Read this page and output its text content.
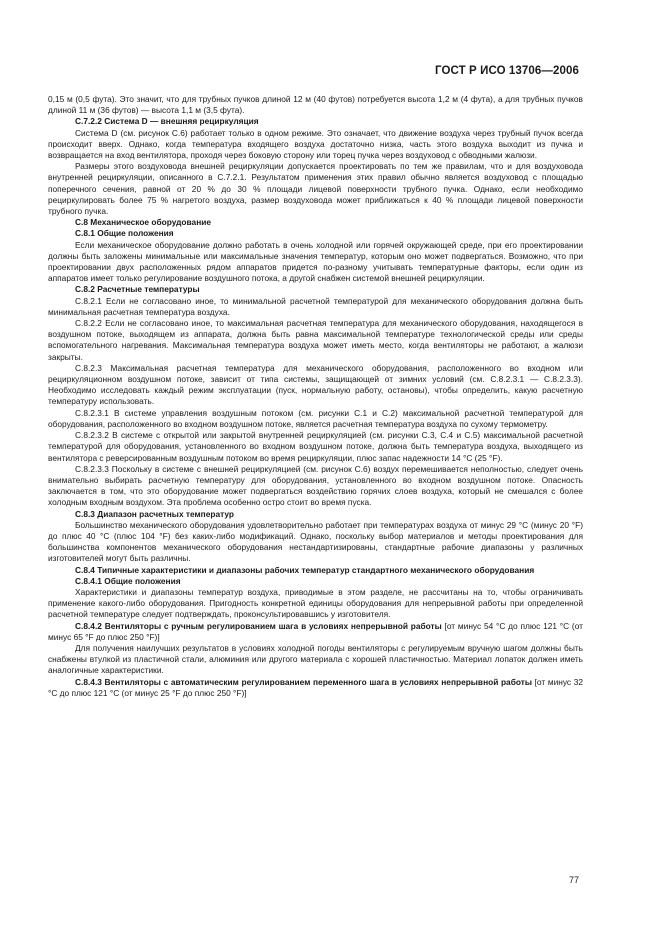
ГОСТ Р ИСО 13706—2006

0,15 м (0,5 фута). Это значит, что для трубных пучков длиной 12 м (40 футов) потребуется высота 1,2 м (4 фута), а для трубных пучков длиной 11 м (36 футов) — высота 1,1 м (3,5 фута).

С.7.2.2 Система D — внешняя рециркуляция

Система D (см. рисунок С.6) работает только в одном режиме. Это означает, что движение воздуха через трубный пучок всегда происходит вверх. Однако, когда температура входящего воздуха достаточно низка, часть этого воздуха выходит из пучка и возвращается на вход вентилятора, проходя через боковую сторону или торец пучка через воздуховод с обводными жалюзи.

Размеры этого воздуховода внешней рециркуляции допускается проектировать по тем же правилам, что и для воздуховода внутренней рециркуляции, описанного в С.7.2.1. Результатом применения этих правил обычно является воздуховод с площадью поперечного сечения, равной от 20 % до 30 % площади лицевой поверхности трубного пучка. Однако, если необходимо рециркулировать более 75 % нагретого воздуха, размер воздуховода может приближаться к 40 % площади лицевой поверхности трубного пучка.

С.8 Механическое оборудование

С.8.1 Общие положения

Если механическое оборудование должно работать в очень холодной или горячей окружающей среде, при его проектировании должны быть заложены минимальные или максимальные значения температур, которым оно может подвергаться. Возможно, что при проектировании двух расположенных рядом аппаратов придется по-разному учитывать температурные факторы, если один из аппаратов имеет только регулирование воздушного потока, а другой снабжен системой внешней рециркуляции.

С.8.2 Расчетные температуры

С.8.2.1 Если не согласовано иное, то минимальной расчетной температурой для механического оборудования должна быть минимальная расчетная температура воздуха.

С.8.2.2 Если не согласовано иное, то максимальная расчетная температура для механического оборудования, находящегося в воздушном потоке, выходящем из аппарата, должна быть равна максимальной температуре технологической среды или среды вспомогательного нагревания. Максимальная температура воздуха может иметь место, когда вентиляторы не работают, а жалюзи закрыты.

С.8.2.3 Максимальная расчетная температура для механического оборудования, расположенного во входном или рециркуляционном воздушном потоке, зависит от типа системы, защищающей от зимних условий (см. С.8.2.3.1 — С.8.2.3.3). Необходимо исследовать каждый режим эксплуатации (пуск, нормальную работу, остановы), чтобы определить, какую расчетную температуру использовать.

С.8.2.3.1 В системе управления воздушным потоком (см. рисунки С.1 и С.2) максимальной расчетной температурой для оборудования, расположенного во входном воздушном потоке, является расчетная температура воздуха по сухому термометру.

С.8.2.3.2 В системе с открытой или закрытой внутренней рециркуляцией (см. рисунки С.3, С.4 и С.5) максимальной расчетной температурой для оборудования, установленного во входном воздушном потоке, должна быть температура воздуха, выходящего из вентилятора с реверсированным воздушным потоком во время рециркуляции, плюс запас надежности 14 °С (25 °F).

С.8.2.3.3 Поскольку в системе с внешней рециркуляцией (см. рисунок С.6) воздух перемешивается неполностью, следует очень внимательно выбирать расчетную температуру для оборудования, установленного во входном воздушном потоке. Опасность заключается в том, что это оборудование может подвергаться воздействию горячих слоев воздуха, который не смешался с более холодным входным воздухом. Эта проблема особенно остро стоит во время пуска.

С.8.3 Диапазон расчетных температур

Большинство механического оборудования удовлетворительно работает при температурах воздуха от минус 29 °С (минус 20 °F) до плюс 40 °С (плюс 104 °F) без каких-либо модификаций. Однако, поскольку выбор материалов и методы проектирования для большинства компонентов механического оборудования нестандартизированы, стандартные рабочие диапазоны у различных изготовителей могут быть различны.

С.8.4 Типичные характеристики и диапазоны рабочих температур стандартного механического оборудования

С.8.4.1 Общие положения

Характеристики и диапазоны температур воздуха, приводимые в этом разделе, не рассчитаны на то, чтобы ограничивать применение какого-либо оборудования. Пригодность конкретной единицы оборудования для непрерывной работы при определенной расчетной температуре следует подтверждать, проконсультировавшись у изготовителя.

С.8.4.2 Вентиляторы с ручным регулированием шага в условиях непрерывной работы [от минус 54 °С до плюс 121 °С (от минус 65 °F до плюс 250 °F)]

Для получения наилучших результатов в условиях холодной погоды вентиляторы с регулируемым вручную шагом должны быть снабжены втулкой из пластичной стали, алюминия или другого материала с хорошей пластичностью. Материал лопаток должен иметь аналогичные характеристики.

С.8.4.3 Вентиляторы с автоматическим регулированием переменного шага в условиях непрерывной работы [от минус 32 °С до плюс 121 °С (от минус 25 °F до плюс 250 °F)]

77
